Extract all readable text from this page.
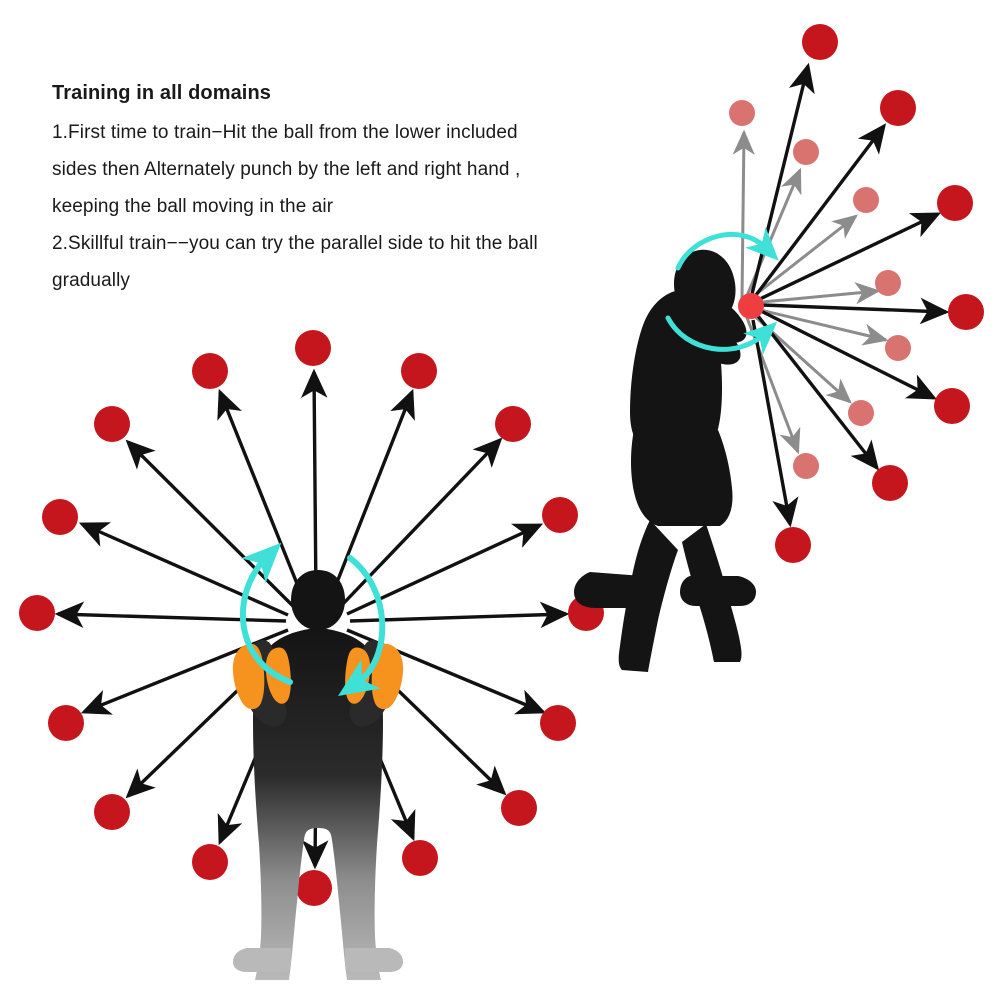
Training in all domains
1.First time to train−Hit the ball from the lower included
sides then Alternately punch by the left and right hand ,
keeping the ball moving in the air
2.Skillful train−−you can try the parallel side to hit the ball
gradually
